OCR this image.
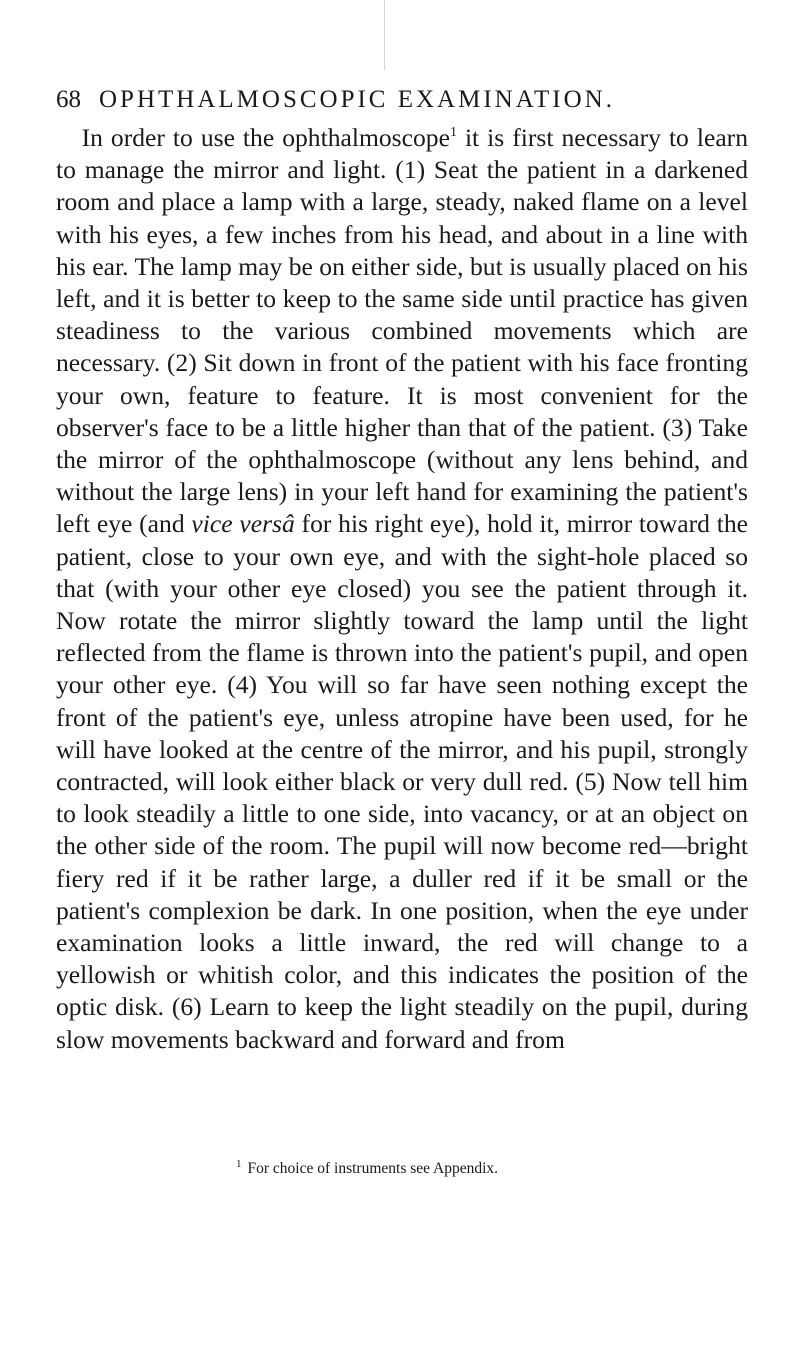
68 OPHTHALMOSCOPIC EXAMINATION.

In order to use the ophthalmoscope$^1$ it is first necessary to learn to manage the mirror and light. (1) Seat the patient in a darkened room and place a lamp with a large, steady, naked flame on a level with his eyes, a few inches from his head, and about in a line with his ear. The lamp may be on either side, but is usually placed on his left, and it is better to keep to the same side until practice has given steadiness to the various combined movements which are necessary. (2) Sit down in front of the patient with his face fronting your own, feature to feature. It is most convenient for the observer's face to be a little higher than that of the patient. (3) Take the mirror of the ophthalmoscope (without any lens behind, and without the large lens) in your left hand for examining the patient's left eye (and vice versâ for his right eye), hold it, mirror toward the patient, close to your own eye, and with the sight-hole placed so that (with your other eye closed) you see the patient through it. Now rotate the mirror slightly toward the lamp until the light reflected from the flame is thrown into the patient's pupil, and open your other eye. (4) You will so far have seen nothing except the front of the patient's eye, unless atropine have been used, for he will have looked at the centre of the mirror, and his pupil, strongly contracted, will look either black or very dull red. (5) Now tell him to look steadily a little to one side, into vacancy, or at an object on the other side of the room. The pupil will now become red—bright fiery red if it be rather large, a duller red if it be small or the patient's complexion be dark. In one position, when the eye under examination looks a little inward, the red will change to a yellowish or whitish color, and this indicates the position of the optic disk. (6) Learn to keep the light steadily on the pupil, during slow movements backward and forward and from

$^1$ For choice of instruments see Appendix.
